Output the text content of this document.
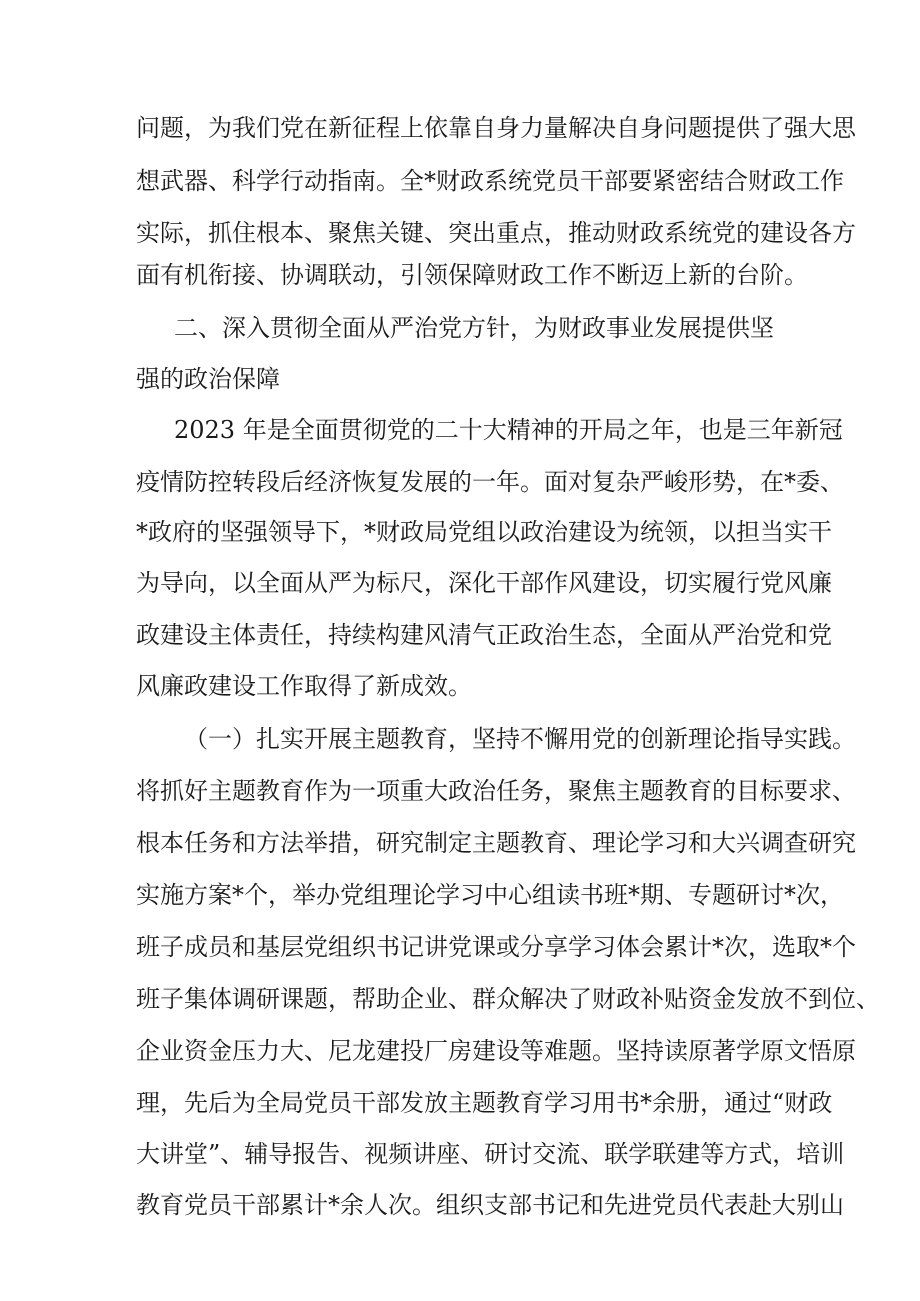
问题，为我们党在新征程上依靠自身力量解决自身问题提供了强大思
想武器、科学行动指南。全*财政系统党员干部要紧密结合财政工作
实际，抓住根本、聚焦关键、突出重点，推动财政系统党的建设各方
面有机衔接、协调联动，引领保障财政工作不断迈上新的台阶。
二、深入贯彻全面从严治党方针，为财政事业发展提供坚
强的政治保障
2023 年是全面贯彻党的二十大精神的开局之年，也是三年新冠
疫情防控转段后经济恢复发展的一年。面对复杂严峻形势，在*委、
*政府的坚强领导下，*财政局党组以政治建设为统领，以担当实干
为导向，以全面从严为标尺，深化干部作风建设，切实履行党风廉
政建设主体责任，持续构建风清气正政治生态，全面从严治党和党
风廉政建设工作取得了新成效。
（一）扎实开展主题教育，坚持不懈用党的创新理论指导实践。
将抓好主题教育作为一项重大政治任务，聚焦主题教育的目标要求、
根本任务和方法举措，研究制定主题教育、理论学习和大兴调查研究
实施方案*个，举办党组理论学习中心组读书班*期、专题研讨*次，
班子成员和基层党组织书记讲党课或分享学习体会累计*次，选取*个
班子集体调研课题，帮助企业、群众解决了财政补贴资金发放不到位、
企业资金压力大、尼龙建投厂房建设等难题。坚持读原著学原文悟原
理，先后为全局党员干部发放主题教育学习用书*余册，通过“财政
大讲堂”、辅导报告、视频讲座、研讨交流、联学联建等方式，培训
教育党员干部累计*余人次。组织支部书记和先进党员代表赴大别山
